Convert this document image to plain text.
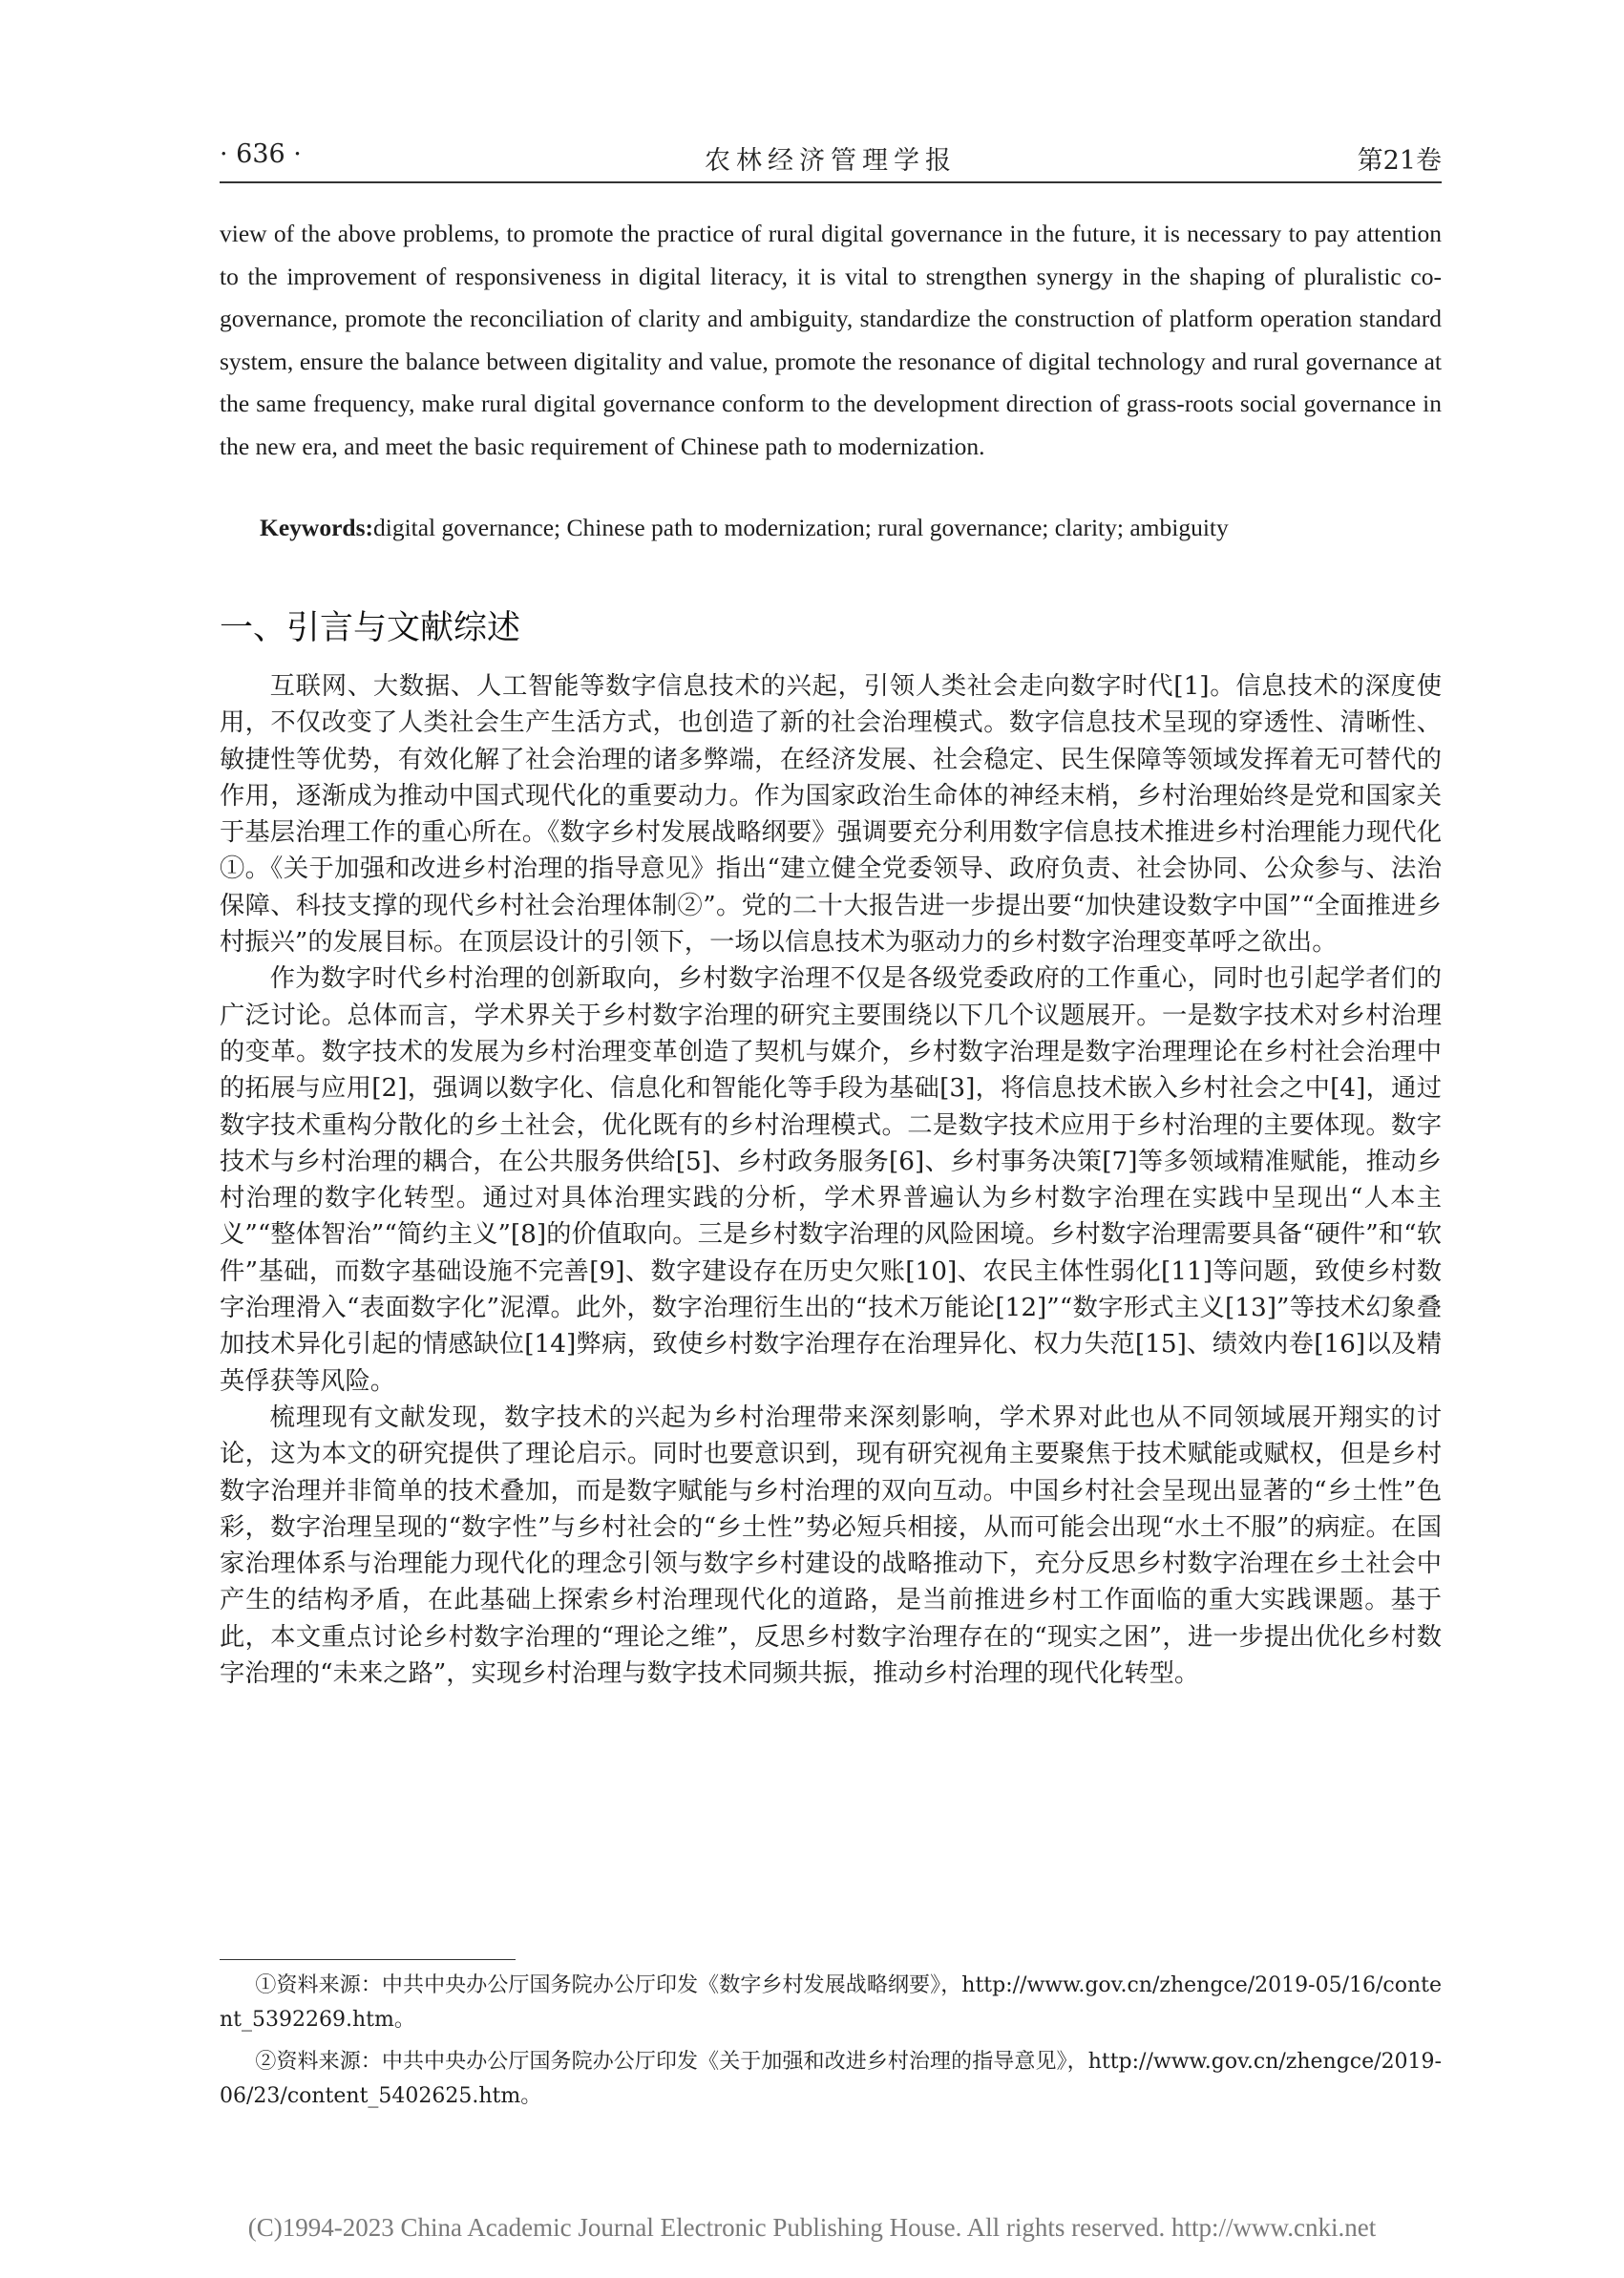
· 636 ·	农林经济管理学报	第21卷
view of the above problems, to promote the practice of rural digital governance in the future, it is necessary to pay attention to the improvement of responsiveness in digital literacy, it is vital to strengthen synergy in the shaping of pluralistic co-governance, promote the reconciliation of clarity and ambiguity, standardize the construction of platform operation standard system, ensure the balance between digitality and value, promote the resonance of digital technology and rural governance at the same frequency, make rural digital governance conform to the development direction of grass-roots social governance in the new era, and meet the basic requirement of Chinese path to modernization.
Keywords:digital governance; Chinese path to modernization; rural governance; clarity; ambiguity
一、引言与文献综述

互联网、大数据、人工智能等数字信息技术的兴起，引领人类社会走向数字时代[1]。信息技术的深度使用，不仅改变了人类社会生产生活方式，也创造了新的社会治理模式。数字信息技术呈现的穿透性、清晰性、敏捷性等优势，有效化解了社会治理的诸多弊端，在经济发展、社会稳定、民生保障等领域发挥着无可替代的作用，逐渐成为推动中国式现代化的重要动力。作为国家政治生命体的神经末梢，乡村治理始终是党和国家关于基层治理工作的重心所在。《数字乡村发展战略纲要》强调要充分利用数字信息技术推进乡村治理能力现代化①。《关于加强和改进乡村治理的指导意见》指出“建立健全党委领导、政府负责、社会协同、公众参与、法治保障、科技支撑的现代乡村社会治理体制②”。党的二十大报告进一步提出要“加快建设数字中国”“全面推进乡村振兴”的发展目标。在顶层设计的引领下，一场以信息技术为驱动力的乡村数字治理变革呼之欲出。

作为数字时代乡村治理的创新取向，乡村数字治理不仅是各级党委政府的工作重心，同时也引起学者们的广泛讨论。总体而言，学术界关于乡村数字治理的研究主要围绕以下几个议题展开。一是数字技术对乡村治理的变革。数字技术的发展为乡村治理变革创造了契机与媒介，乡村数字治理是数字治理理论在乡村社会治理中的拓展与应用[2]，强调以数字化、信息化和智能化等手段为基础[3]，将信息技术嵌入乡村社会之中[4]，通过数字技术重构分散化的乡土社会，优化既有的乡村治理模式。二是数字技术应用于乡村治理的主要体现。数字技术与乡村治理的耦合，在公共服务供给[5]、乡村政务服务[6]、乡村事务决策[7]等多领域精准赋能，推动乡村治理的数字化转型。通过对具体治理实践的分析，学术界普遍认为乡村数字治理在实践中呈现出“人本主义”“整体智治”“简约主义”[8]的价值取向。三是乡村数字治理的风险困境。乡村数字治理需要具备“硬件”和“软件”基础，而数字基础设施不完善[9]、数字建设存在历史欠账[10]、农民主体性弱化[11]等问题，致使乡村数字治理滑入“表面数字化”泥潭。此外，数字治理衍生出的“技术万能论[12]”“数字形式主义[13]”等技术幻象叠加技术异化引起的情感缺位[14]弊病，致使乡村数字治理存在治理异化、权力失范[15]、绩效内卷[16]以及精英俘获等风险。

梳理现有文献发现，数字技术的兴起为乡村治理带来深刻影响，学术界对此也从不同领域展开翔实的讨论，这为本文的研究提供了理论启示。同时也要意识到，现有研究视角主要聚焦于技术赋能或赋权，但是乡村数字治理并非简单的技术叠加，而是数字赋能与乡村治理的双向互动。中国乡村社会呈现出显著的“乡土性”色彩，数字治理呈现的“数字性”与乡村社会的“乡土性”势必短兵相接，从而可能会出现“水土不服”的病症。在国家治理体系与治理能力现代化的理念引领与数字乡村建设的战略推动下，充分反思乡村数字治理在乡土社会中产生的结构矛盾，在此基础上探索乡村治理现代化的道路，是当前推进乡村工作面临的重大实践课题。基于此，本文重点讨论乡村数字治理的“理论之维”，反思乡村数字治理存在的“现实之困”，进一步提出优化乡村数字治理的“未来之路”，实现乡村治理与数字技术同频共振，推动乡村治理的现代化转型。

①资料来源：中共中央办公厅国务院办公厅印发《数字乡村发展战略纲要》，http://www.gov.cn/zhengce/2019-05/16/content_5392269.htm。

②资料来源：中共中央办公厅国务院办公厅印发《关于加强和改进乡村治理的指导意见》，http://www.gov.cn/zhengce/2019-06/23/content_5402625.htm。

(C)1994-2023 China Academic Journal Electronic Publishing House. All rights reserved. http://www.cnki.net
